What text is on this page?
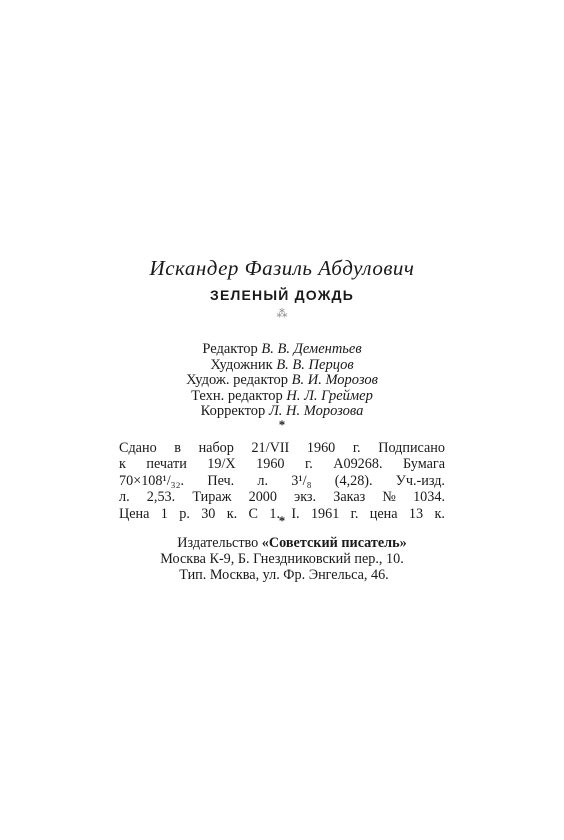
Искандер Фазиль Абдулович
ЗЕЛЕНЫЙ ДОЖДЬ
⁂
Редактор В. В. Дементьев
Художник В. В. Перцов
Худож. редактор В. И. Морозов
Техн. редактор Н. Л. Греймер
Корректор Л. Н. Морозова
*
Сдано в набор 21/VII 1960 г. Подписано
к печати 19/X 1960 г. А09268. Бумага
70×108¹/₃₂. Печ. л. 3¹/₈ (4,28). Уч.-изд.
л. 2,53. Тираж 2000 экз. Заказ № 1034.
Цена 1 р. 30 к. С 1. I. 1961 г. цена 13 к.
*
Издательство «Советский писатель»
Москва К-9, Б. Гнездниковский пер., 10.
Тип. Москва, ул. Фр. Энгельса, 46.
